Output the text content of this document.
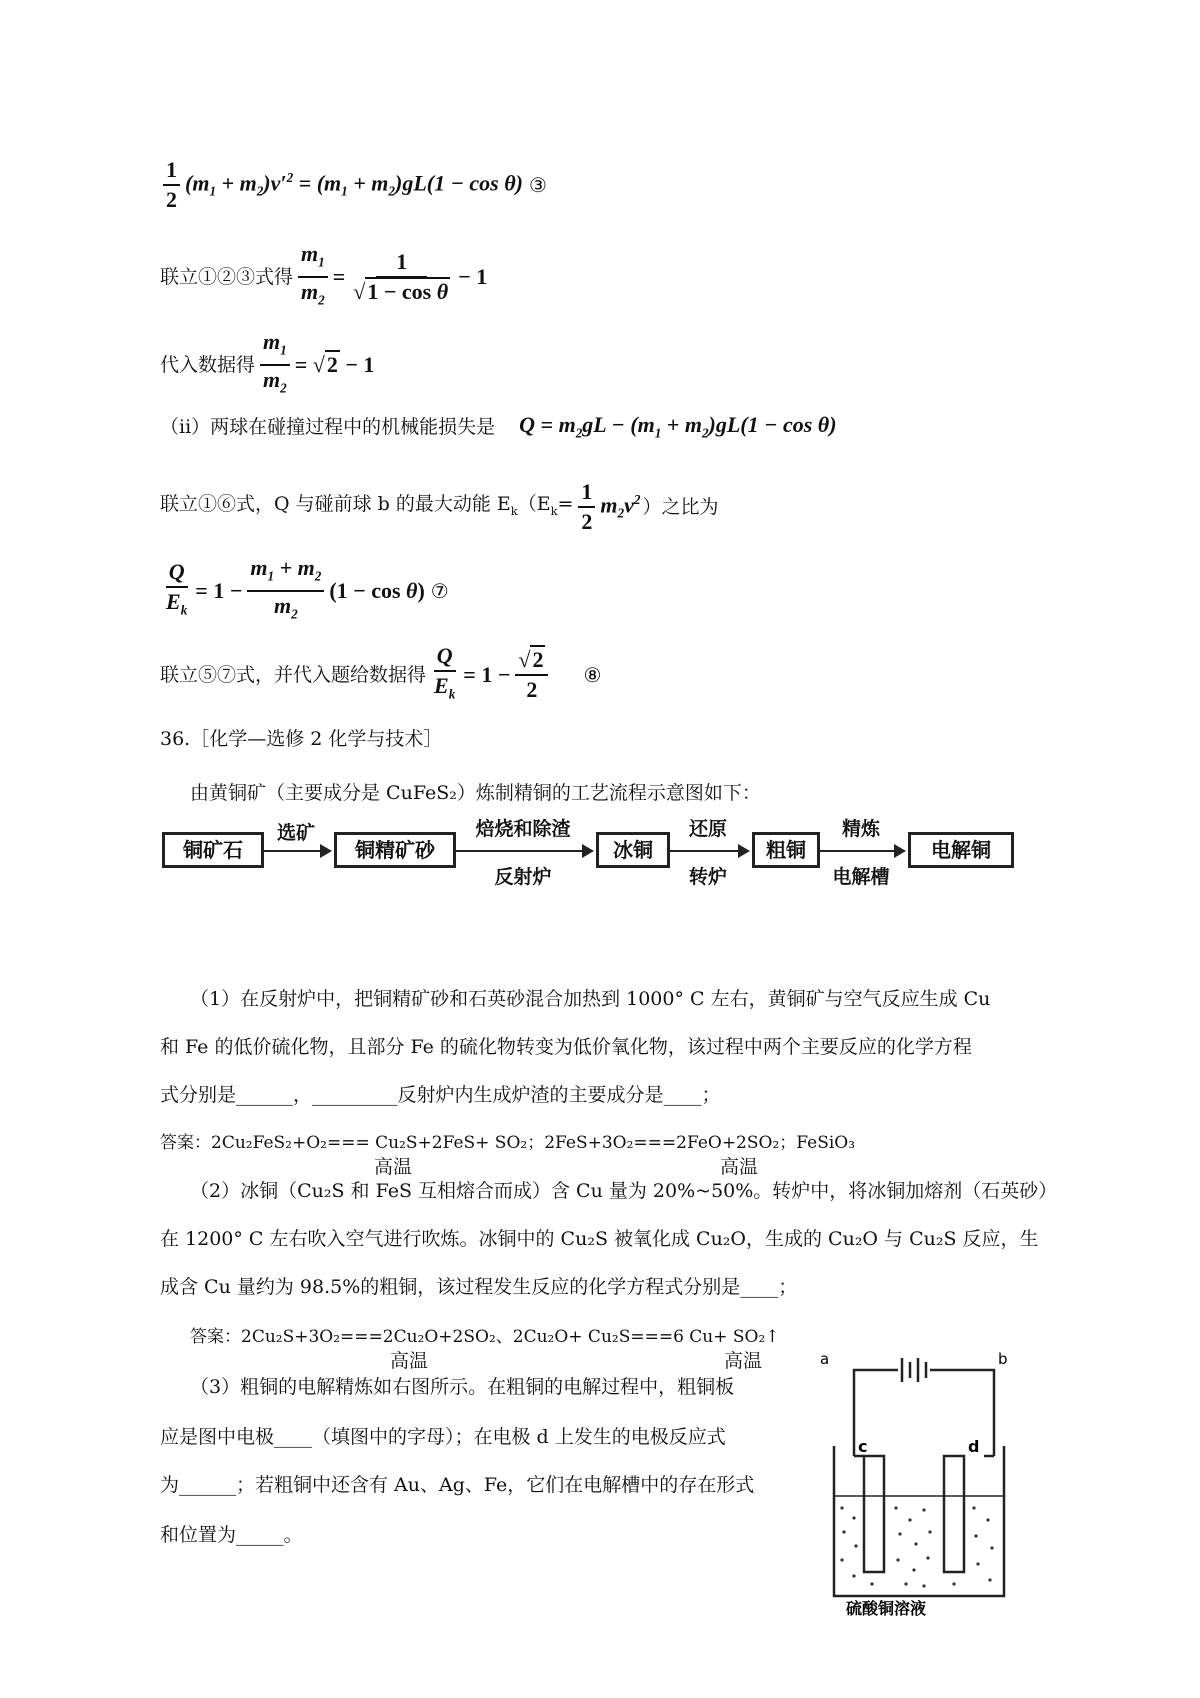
$\frac{1}{2} (m_1 + m_2)v'^2 = (m_1 + m_2)gL(1 - \cos \theta)$ ③
联立①②③式得 $\frac{m_1}{m_2} = \frac{1}{\text{√1 − cos θ}} - 1$
代入数据得 $\frac{m_1}{m_2} = √2 - 1$
（ii）两球在碰撞过程中的机械能损失是 $Q = m_2gL - (m_1 + m_2)gL(1 - \cos \theta)$
联立①⑥式，Q 与碰前球 b 的最大动能 $E_k(E_k= \frac{1}{2} m_2v^2$ ）之比为
$\frac{Q}{E_k} = 1 - \frac{m_1 + m_2}{m_2} (1 - \cos \theta)$ ⑦
联立⑤⑦式，并代入题给数据得 $\frac{Q}{E_k} = 1 - \frac{√2}{2}$ ⑧
36.［化学—选修 2 化学与技术］
由黄铜矿（主要成分是 CuFeS₂）炼制精铜的工艺流程示意图如下：
铜矿石
选矿
铜精矿砂
焙烧和除渣
反射炉
冰铜
还原
转炉
粗铜
精炼
电解槽
电解铜
（1）在反射炉中，把铜精矿砂和石英砂混合加热到 1000° C 左右，黄铜矿与空气反应生成 Cu
和 Fe 的低价硫化物，且部分 Fe 的硫化物转变为低价氧化物，该过程中两个主要反应的化学方程
式分别是______，_________反射炉内生成炉渣的主要成分是____；
答案：2Cu₂FeS₂+O₂=== Cu₂S+2FeS+ SO₂；2FeS+3O₂===2FeO+2SO₂；FeSiO₃
高温	高温
（2）冰铜（Cu₂S 和 FeS 互相熔合而成）含 Cu 量为 20%~50%。转炉中，将冰铜加熔剂（石英砂）
在 1200° C 左右吹入空气进行吹炼。冰铜中的 Cu₂S 被氧化成 Cu₂O，生成的 Cu₂O 与 Cu₂S 反应，生
成含 Cu 量约为 98.5%的粗铜，该过程发生反应的化学方程式分别是____；
答案：2Cu₂S+3O₂===2Cu₂O+2SO₂、2Cu₂O+ Cu₂S===6 Cu+ SO₂↑
高温	高温
（3）粗铜的电解精炼如右图所示。在粗铜的电解过程中，粗铜板
应是图中电极____（填图中的字母）；在电极 d 上发生的电极反应式
为______；若粗铜中还含有 Au、Ag、Fe，它们在电解槽中的存在形式
和位置为_____。
a	b
c	d
硫酸铜溶液
